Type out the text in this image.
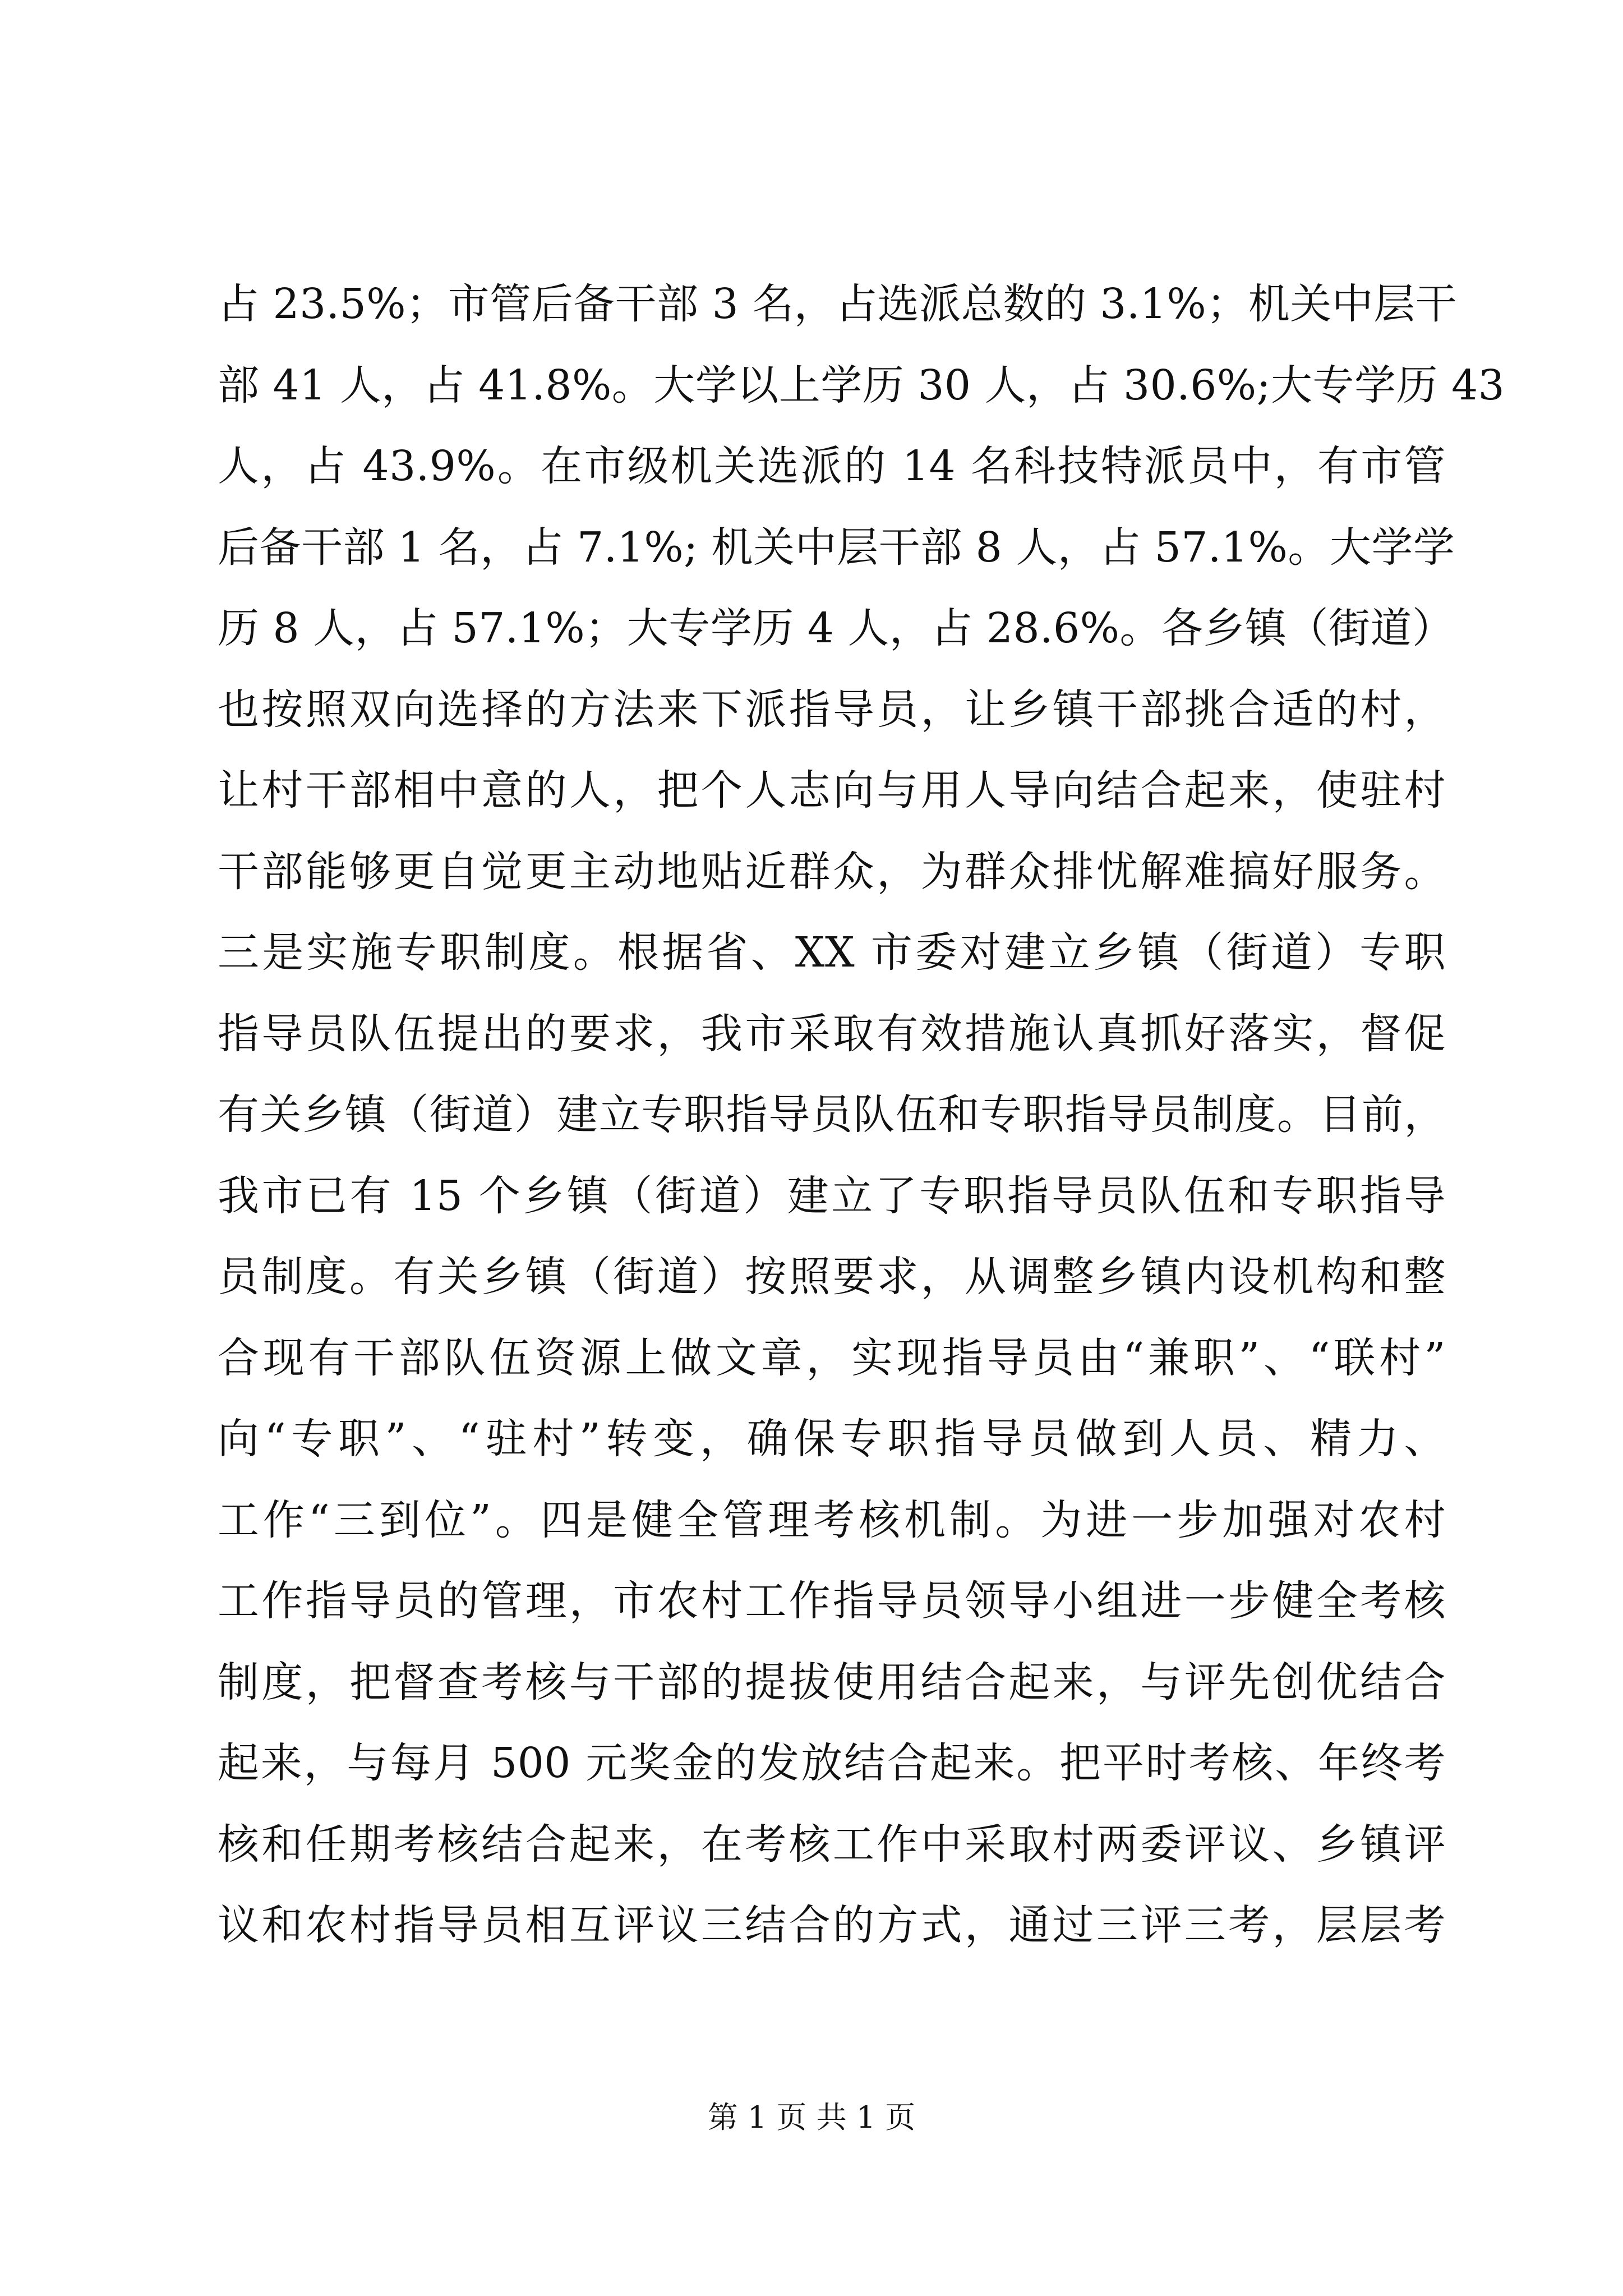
占 23.5%；市管后备干部 3 名，占选派总数的 3.1%；机关中层干
部 41 人，占 41.8%。大学以上学历 30 人，占 30.6%;大专学历 43
人，占 43.9%。在市级机关选派的 14 名科技特派员中，有市管
后备干部 1 名，占 7.1%; 机关中层干部 8 人，占 57.1%。大学学
历 8 人，占 57.1%；大专学历 4 人，占 28.6%。各乡镇（街道）
也按照双向选择的方法来下派指导员，让乡镇干部挑合适的村，
让村干部相中意的人，把个人志向与用人导向结合起来，使驻村
干部能够更自觉更主动地贴近群众，为群众排忧解难搞好服务。
三是实施专职制度。根据省、XX 市委对建立乡镇（街道）专职
指导员队伍提出的要求，我市采取有效措施认真抓好落实，督促
有关乡镇（街道）建立专职指导员队伍和专职指导员制度。目前，
我市已有 15 个乡镇（街道）建立了专职指导员队伍和专职指导
员制度。有关乡镇（街道）按照要求，从调整乡镇内设机构和整
合现有干部队伍资源上做文章，实现指导员由“兼职”、“联村”
向“专职”、“驻村”转变，确保专职指导员做到人员、精力、
工作“三到位”。四是健全管理考核机制。为进一步加强对农村
工作指导员的管理，市农村工作指导员领导小组进一步健全考核
制度，把督查考核与干部的提拔使用结合起来，与评先创优结合
起来，与每月 500 元奖金的发放结合起来。把平时考核、年终考
核和任期考核结合起来，在考核工作中采取村两委评议、乡镇评
议和农村指导员相互评议三结合的方式，通过三评三考，层层考
第 1 页 共 1 页
